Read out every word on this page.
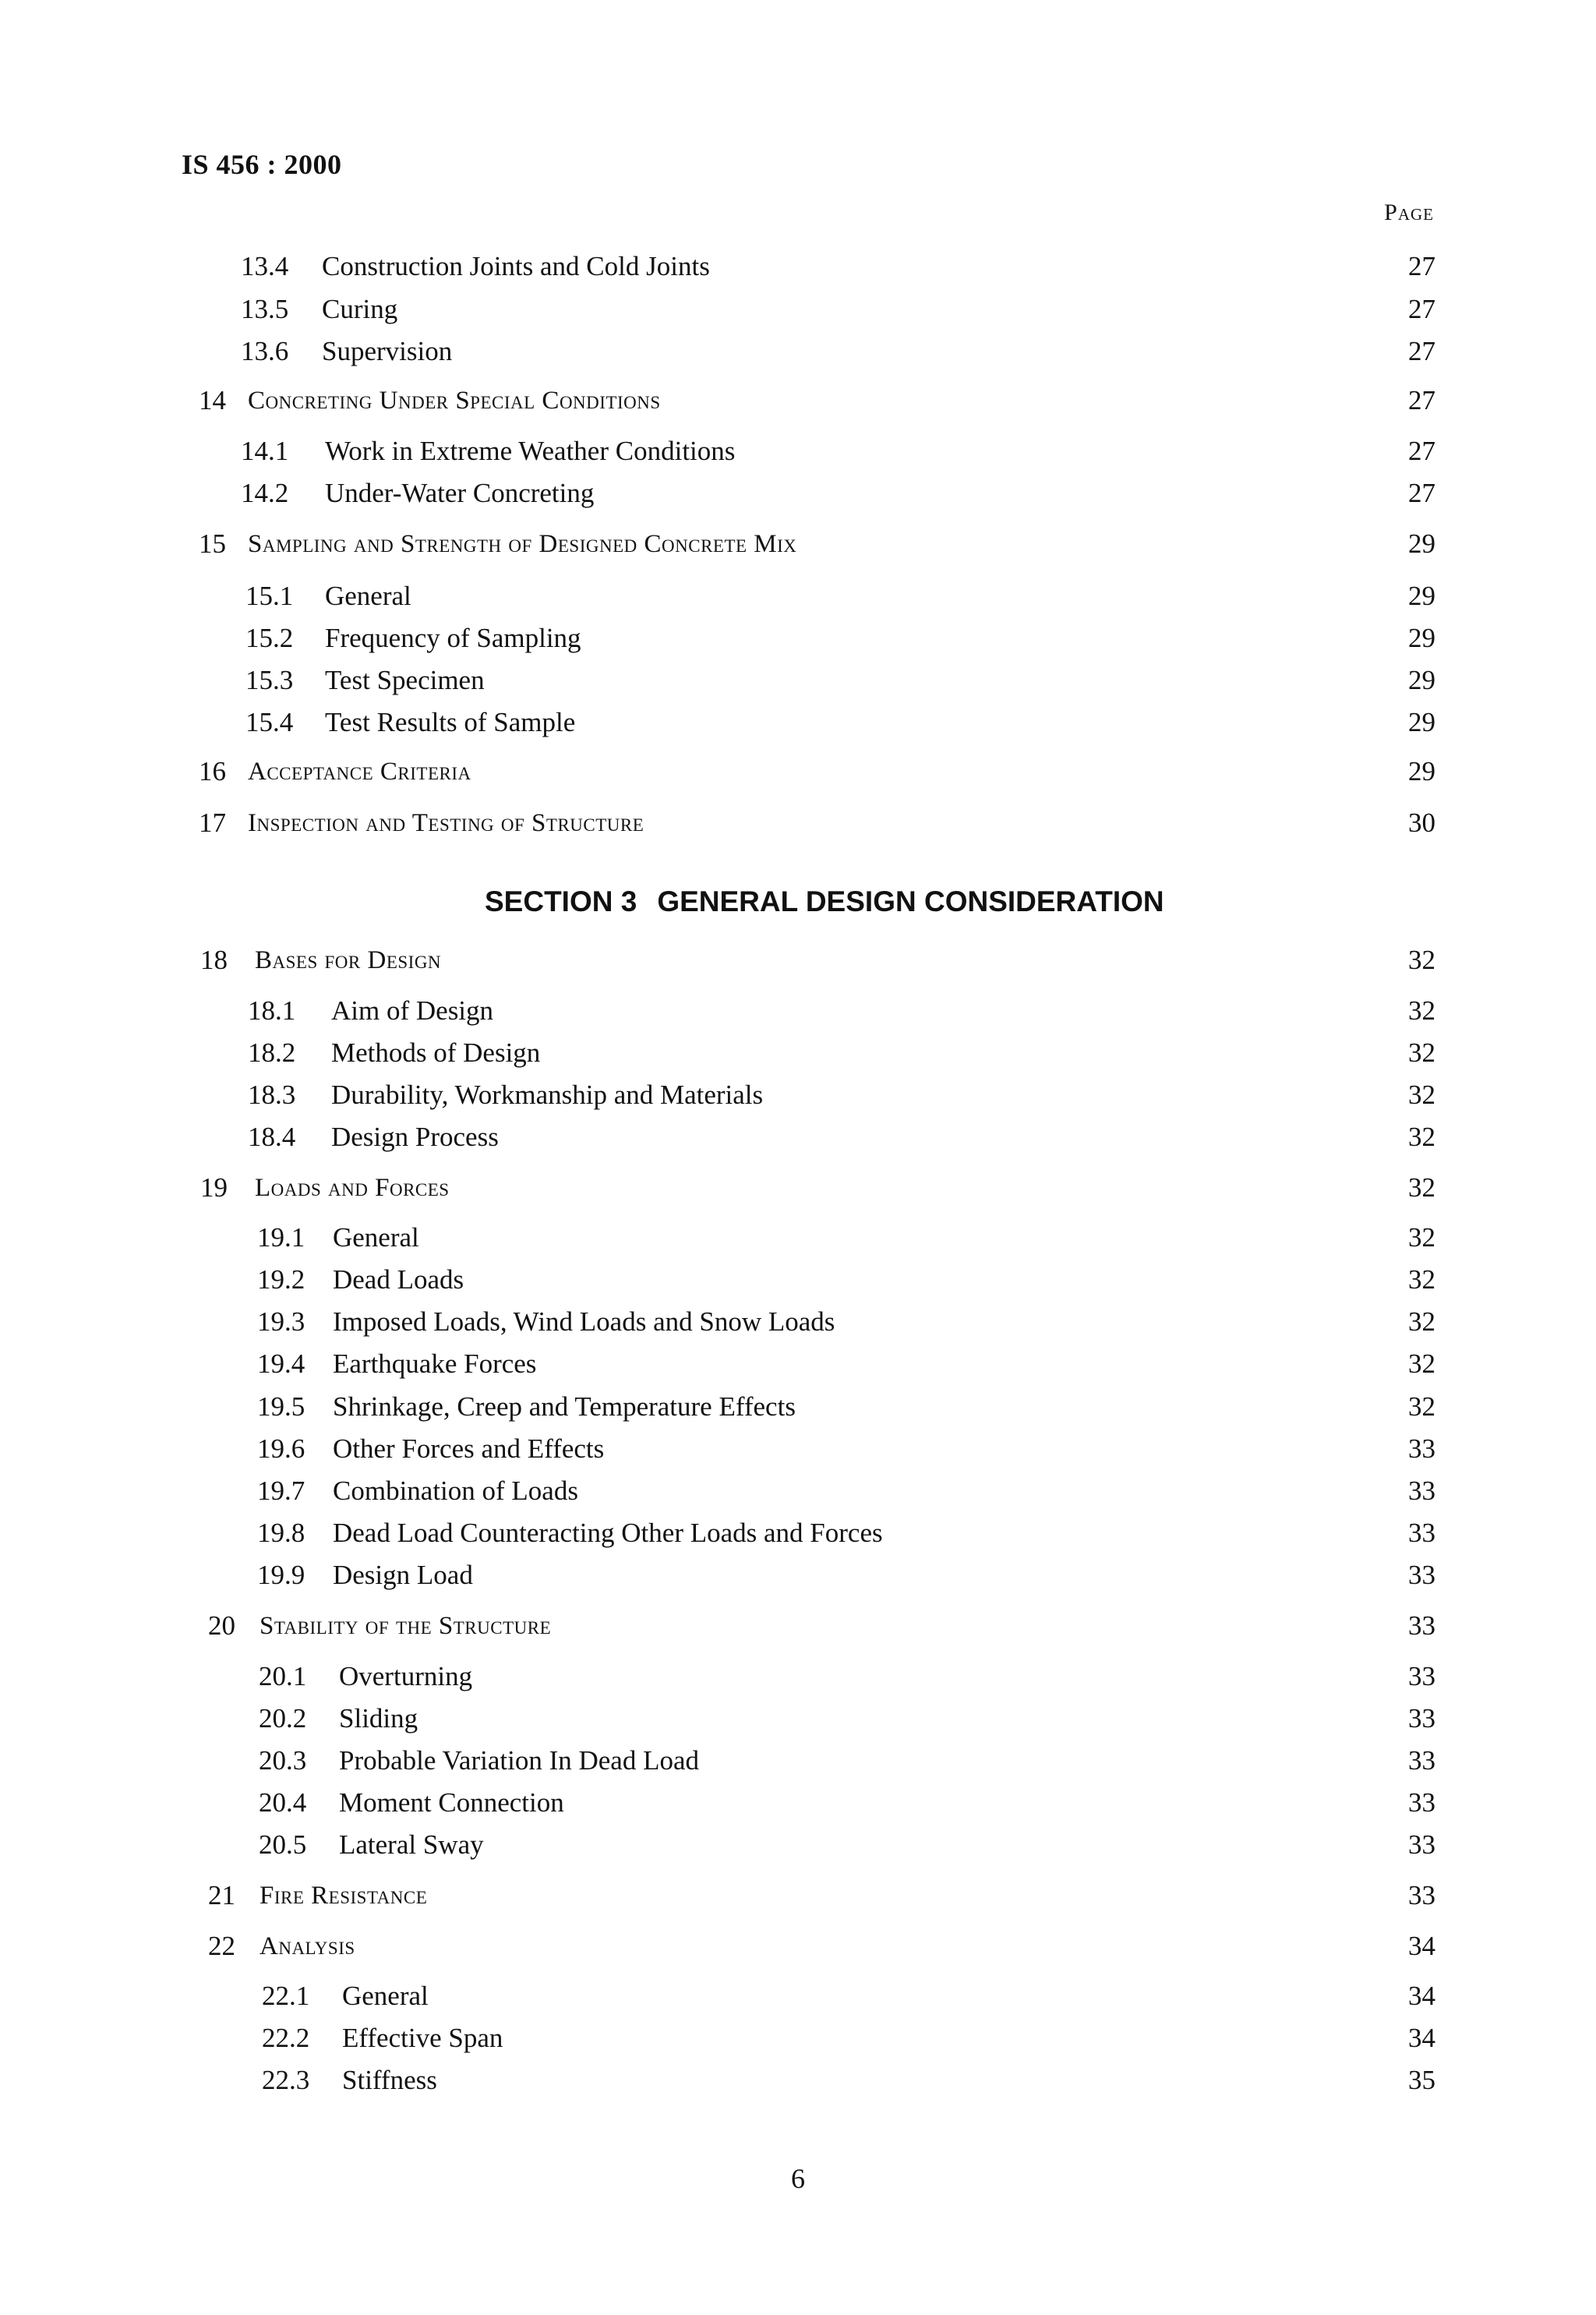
IS 456 : 2000
Page
13.4 Construction Joints and Cold Joints	27
13.5 Curing	27
13.6 Supervision	27
14 Concreting Under Special Conditions	27
14.1 Work in Extreme Weather Conditions	27
14.2 Under-Water Concreting	27
15 Sampling and Strength of Designed Concrete Mix	29
15.1 General	29
15.2 Frequency of Sampling	29
15.3 Test Specimen	29
15.4 Test Results of Sample	29
16 Acceptance Criteria	29
17 Inspection and Testing of Structure	30
SECTION 3 GENERAL DESIGN CONSIDERATION
18 Bases for Design	32
18.1 Aim of Design	32
18.2 Methods of Design	32
18.3 Durability, Workmanship and Materials	32
18.4 Design Process	32
19 Loads and Forces	32
19.1 General	32
19.2 Dead Loads	32
19.3 Imposed Loads, Wind Loads and Snow Loads	32
19.4 Earthquake Forces	32
19.5 Shrinkage, Creep and Temperature Effects	32
19.6 Other Forces and Effects	33
19.7 Combination of Loads	33
19.8 Dead Load Counteracting Other Loads and Forces	33
19.9 Design Load	33
20 Stability of the Structure	33
20.1 Overturning	33
20.2 Sliding	33
20.3 Probable Variation In Dead Load	33
20.4 Moment Connection	33
20.5 Lateral Sway	33
21 Fire Resistance	33
22 Analysis	34
22.1 General	34
22.2 Effective Span	34
22.3 Stiffness	35
6
